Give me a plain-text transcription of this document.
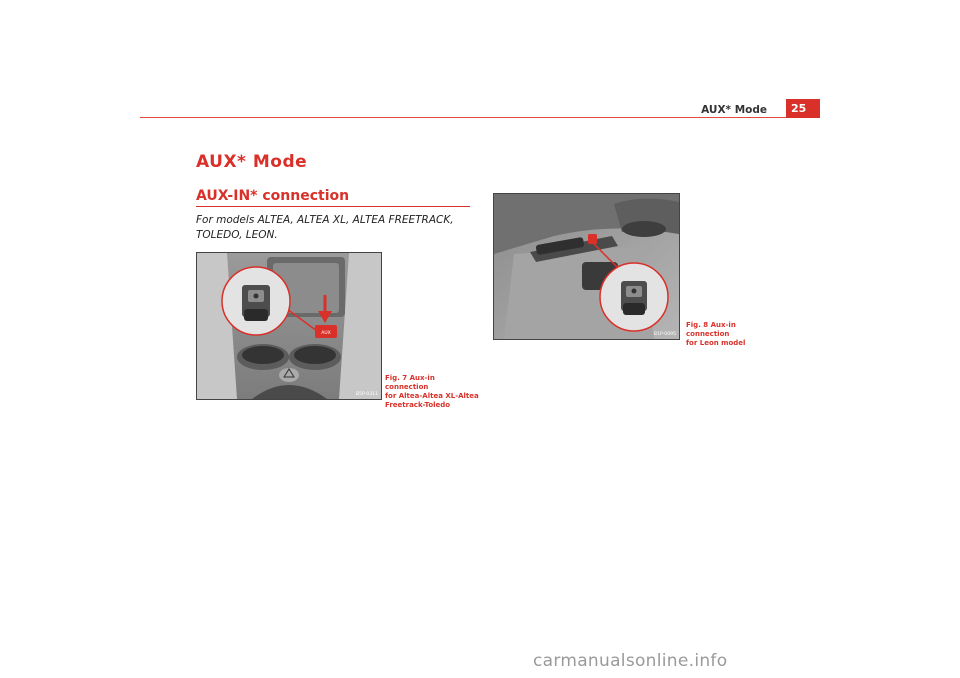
AUX* Mode	25
AUX* Mode
AUX-IN* connection
For models ALTEA, ALTEA XL, ALTEA FREETRACK, TOLEDO, LEON.
AUX
B5P-0311
Fig. 7 Aux-in connection
for Altea-Altea XL-Altea
Freetrack-Toledo
B1P-0095
Fig. 8 Aux-in connection
for Leon model
carmanualsonline.info
